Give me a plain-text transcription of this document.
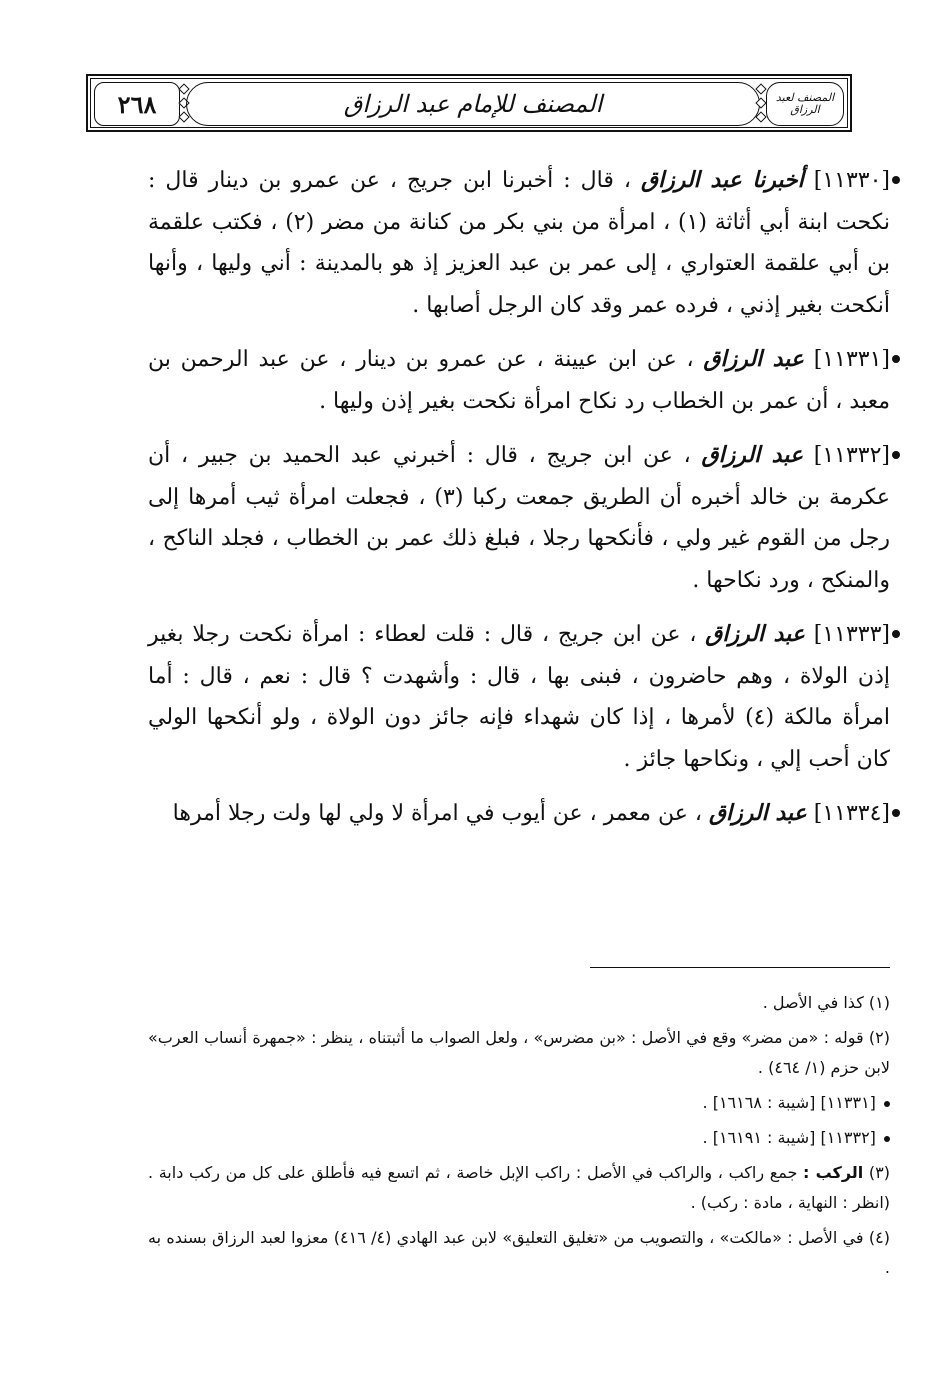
٢٦٨	المصنف للإمام عبد الرزاق	المصنف لعبد الرزاق
[١١٣٣٠] أخبرنا عبد الرزاق ، قال : أخبرنا ابن جريج ، عن عمرو بن دينار قال : نكحت ابنة أبي أثاثة (١) ، امرأة من بني بكر من كنانة من مضر (٢) ، فكتب علقمة بن أبي علقمة العتواري ، إلى عمر بن عبد العزيز إذ هو بالمدينة : أني وليها ، وأنها أنكحت بغير إذني ، فرده عمر وقد كان الرجل أصابها .
[١١٣٣١] عبد الرزاق ، عن ابن عيينة ، عن عمرو بن دينار ، عن عبد الرحمن بن معبد ، أن عمر بن الخطاب رد نكاح امرأة نكحت بغير إذن وليها .
[١١٣٣٢] عبد الرزاق ، عن ابن جريج ، قال : أخبرني عبد الحميد بن جبير ، أن عكرمة بن خالد أخبره أن الطريق جمعت ركبا (٣) ، فجعلت امرأة ثيب أمرها إلى رجل من القوم غير ولي ، فأنكحها رجلا ، فبلغ ذلك عمر بن الخطاب ، فجلد الناكح ، والمنكح ، ورد نكاحها .
[١١٣٣٣] عبد الرزاق ، عن ابن جريج ، قال : قلت لعطاء : امرأة نكحت رجلا بغير إذن الولاة ، وهم حاضرون ، فبنى بها ، قال : وأشهدت ؟ قال : نعم ، قال : أما امرأة مالكة (٤) لأمرها ، إذا كان شهداء فإنه جائز دون الولاة ، ولو أنكحها الولي كان أحب إلي ، ونكاحها جائز .
[١١٣٣٤] عبد الرزاق ، عن معمر ، عن أيوب في امرأة لا ولي لها ولت رجلا أمرها
(١) كذا في الأصل .
(٢) قوله : «من مضر» وقع في الأصل : «بن مضرس» ، ولعل الصواب ما أثبتناه ، ينظر : «جمهرة أنساب العرب» لابن حزم (١/ ٤٦٤) .
[١١٣٣١] [شيبة : ١٦١٦٨] .
[١١٣٣٢] [شيبة : ١٦١٩١] .
(٣) الركب : جمع راكب ، والراكب في الأصل : راكب الإبل خاصة ، ثم اتسع فيه فأطلق على كل من ركب دابة . (انظر : النهاية ، مادة : ركب) .
(٤) في الأصل : «مالكت» ، والتصويب من «تغليق التعليق» لابن عبد الهادي (٤/ ٤١٦) معزوا لعبد الرزاق بسنده به .
